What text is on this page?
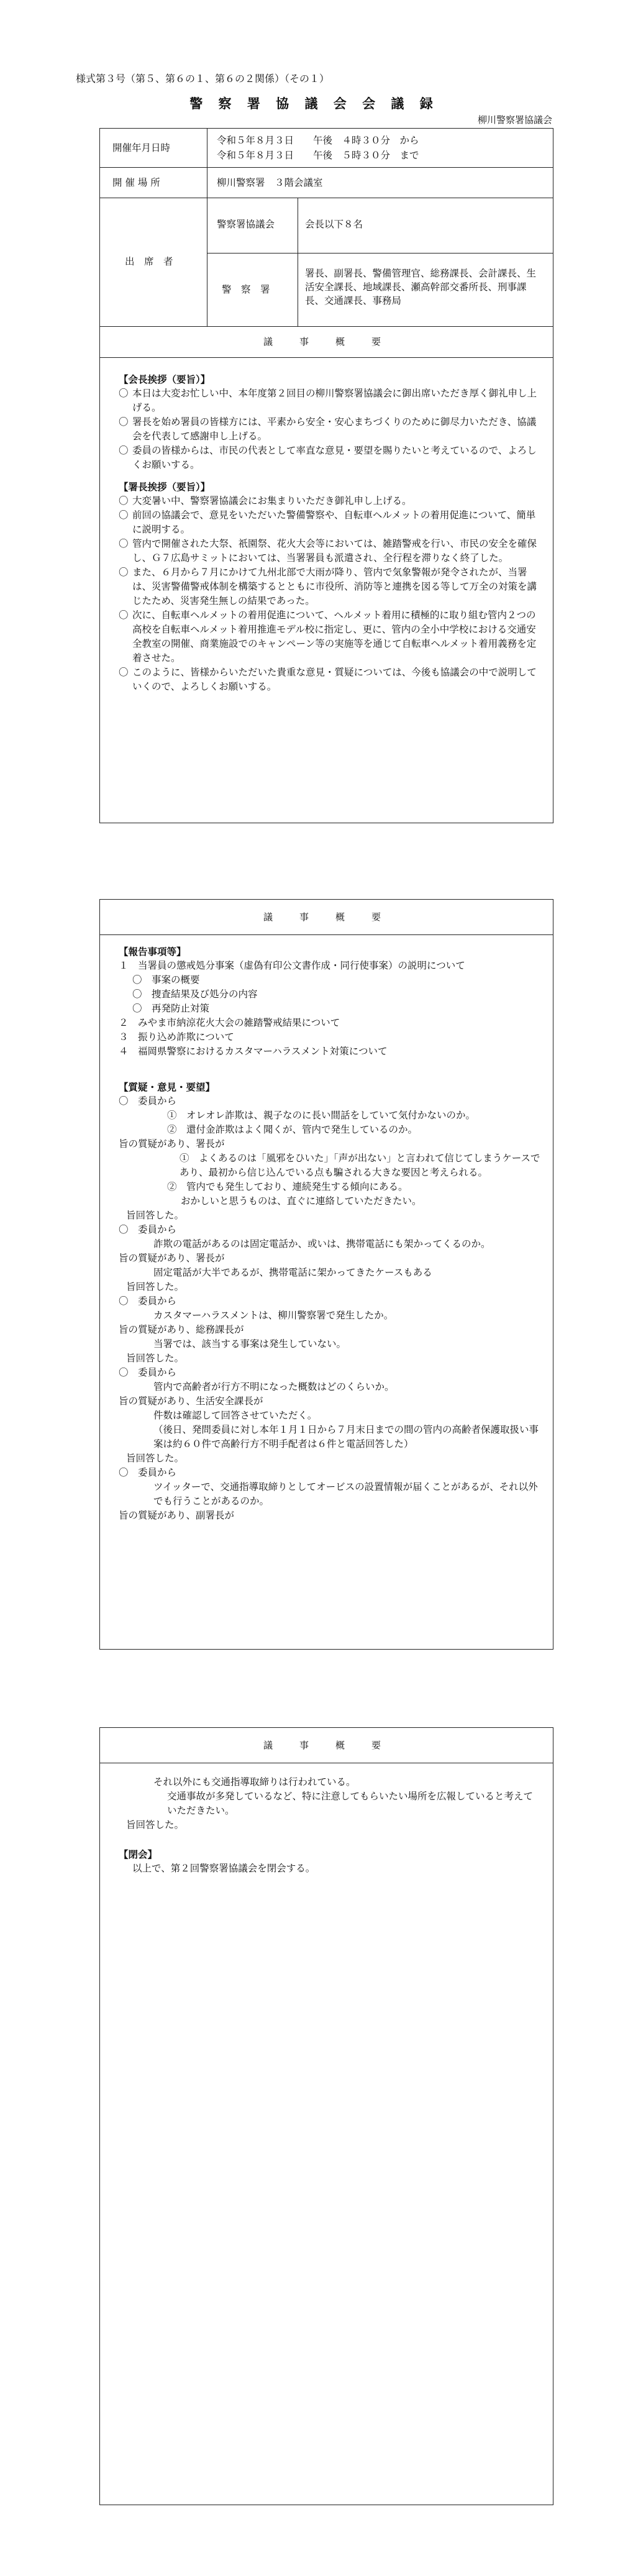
様式第３号（第５、第６の１、第６の２関係）（その１）
警 察 署 協 議 会 会 議 録
柳川警察署協議会
開催年月日時
令和５年８月３日　　午後　４時３０分　から
令和５年８月３日　　午後　５時３０分　まで
開 催 場 所	柳川警察署　３階会議室
出　席　者
警察署協議会	会長以下８名
警　察　署
署長、副署長、警備管理官、総務課長、会計課長、生活安全課長、地域課長、瀬高幹部交番所長、刑事課長、交通課長、事務局
議　事　概　要
【会長挨拶（要旨）】
〇 本日は大変お忙しい中、本年度第２回目の柳川警察署協議会に御出席いただき厚く御礼申し上げる。
〇 署長を始め署員の皆様方には、平素から安全・安心まちづくりのために御尽力いただき、協議会を代表して感謝申し上げる。
〇 委員の皆様からは、市民の代表として率直な意見・要望を賜りたいと考えているので、よろしくお願いする。
【署長挨拶（要旨）】
〇 大変暑い中、警察署協議会にお集まりいただき御礼申し上げる。
〇 前回の協議会で、意見をいただいた警備警察や、自転車ヘルメットの着用促進について、簡単に説明する。
〇 管内で開催された大祭、祇園祭、花火大会等においては、雑踏警戒を行い、市民の安全を確保し、Ｇ７広島サミットにおいては、当署署員も派遣され、全行程を滞りなく終了した。
〇 また、６月から７月にかけて九州北部で大雨が降り、管内で気象警報が発令されたが、当署は、災害警備警戒体制を構築するとともに市役所、消防等と連携を図る等して万全の対策を講じたため、災害発生無しの結果であった。
〇 次に、自転車ヘルメットの着用促進について、ヘルメット着用に積極的に取り組む管内２つの高校を自転車ヘルメット着用推進モデル校に指定し、更に、管内の全小中学校における交通安全教室の開催、商業施設でのキャンペーン等の実施等を通じて自転車ヘルメット着用義務を定着させた。
〇 このように、皆様からいただいた貴重な意見・質疑については、今後も協議会の中で説明していくので、よろしくお願いする。
議　事　概　要
【報告事項等】
１　当署員の懲戒処分事案（虚偽有印公文書作成・同行使事案）の説明について
〇　事案の概要
〇　捜査結果及び処分の内容
〇　再発防止対策
２　みやま市納涼花火大会の雑踏警戒結果について
３　振り込め詐欺について
４　福岡県警察におけるカスタマーハラスメント対策について
【質疑・意見・要望】
〇　委員から
①　オレオレ詐欺は、親子なのに長い間話をしていて気付かないのか。
②　還付金詐欺はよく聞くが、管内で発生しているのか。
旨の質疑があり、署長が

①　よくあるのは「風邪をひいた」「声が出ない」と言われて信じてしまうケースであり、最初から信じ込んでいる点も騙される大きな要因と考えられる。
②　管内でも発生しており、連続発生する傾向にある。
おかしいと思うものは、直ぐに連絡していただきたい。
旨回答した。
〇　委員から
詐欺の電話があるのは固定電話か、或いは、携帯電話にも架かってくるのか。
旨の質疑があり、署長が
固定電話が大半であるが、携帯電話に架かってきたケースもある
旨回答した。
〇　委員から
カスタマーハラスメントは、柳川警察署で発生したか。
旨の質疑があり、総務課長が
当署では、該当する事案は発生していない。
旨回答した。
〇　委員から
管内で高齢者が行方不明になった概数はどのくらいか。
旨の質疑があり、生活安全課長が
件数は確認して回答させていただく。
（後日、発問委員に対し本年１月１日から７月末日までの間の管内の高齢者保護取扱い事案は約６０件で高齢行方不明手配者は６件と電話回答した）
旨回答した。
〇　委員から
ツイッターで、交通指導取締りとしてオービスの設置情報が届くことがあるが、それ以外でも行うことがあるのか。
旨の質疑があり、副署長が
議　事　概　要
それ以外にも交通指導取締りは行われている。
交通事故が多発しているなど、特に注意してもらいたい場所を広報していると考えていただきたい。
旨回答した。
【閉会】
以上で、第２回警察署協議会を閉会する。
